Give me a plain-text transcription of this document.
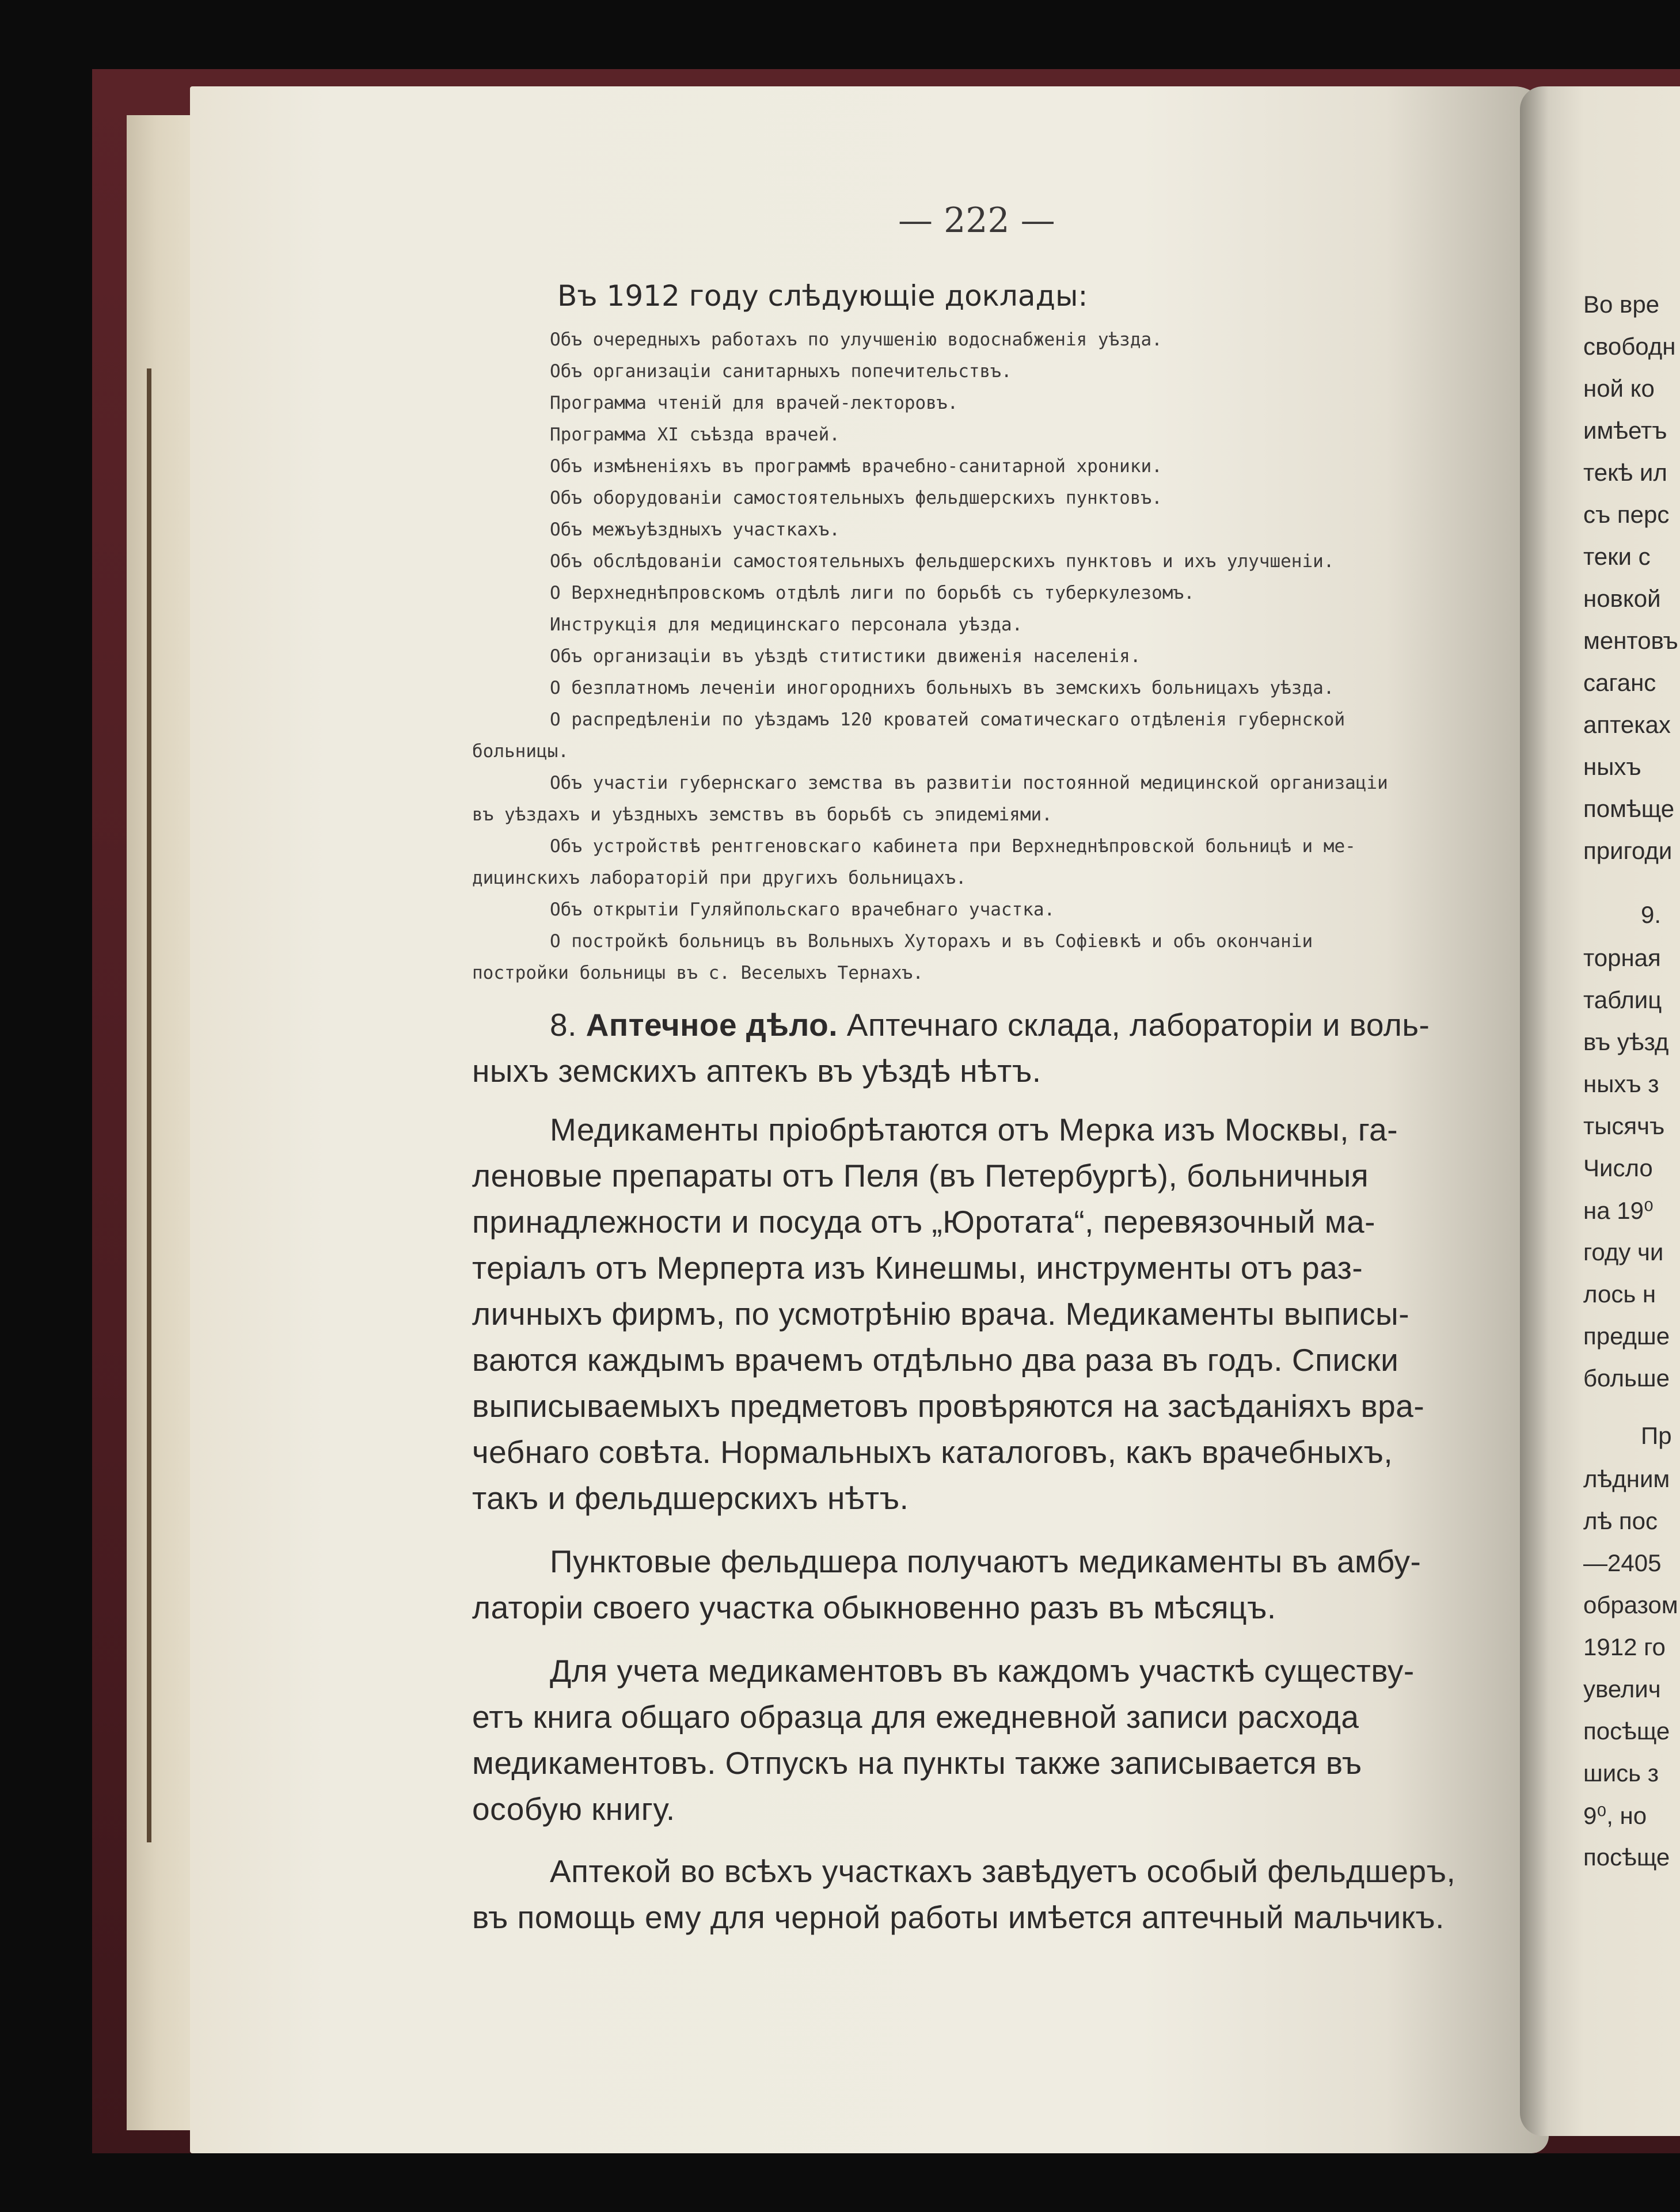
— 222 —
Въ 1912 году слѣдующіе доклады:
Объ очередныхъ работахъ по улучшенію водоснабженія уѣзда.
Объ организаціи санитарныхъ попечительствъ.
Программа чтеній для врачей-лекторовъ.
Программа XI съѣзда врачей.
Объ измѣненіяхъ въ программѣ врачебно-санитарной хроники.
Объ оборудованіи самостоятельныхъ фельдшерскихъ пунктовъ.
Объ межъуѣздныхъ участкахъ.
Объ обслѣдованіи самостоятельныхъ фельдшерскихъ пунктовъ и ихъ улучшеніи.
О Верхнеднѣпровскомъ отдѣлѣ лиги по борьбѣ съ туберкулезомъ.
Инструкція для медицинскаго персонала уѣзда.
Объ организаціи въ уѣздѣ ститистики движенія населенія.
О безплатномъ леченіи иногороднихъ больныхъ въ земскихъ больницахъ уѣзда.
О распредѣленіи по уѣздамъ 120 кроватей соматическаго отдѣленія губернской
больницы.
Объ участіи губернскаго земства въ развитіи постоянной медицинской организаціи
въ уѣздахъ и уѣздныхъ земствъ въ борьбѣ съ эпидеміями.
Объ устройствѣ рентгеновскаго кабинета при Верхнеднѣпровской больницѣ и ме-
дицинскихъ лабораторій при другихъ больницахъ.
Объ открытіи Гуляйпольскаго врачебнаго участка.
О постройкѣ больницъ въ Вольныхъ Хуторахъ и въ Софіевкѣ и объ окончаніи
постройки больницы въ с. Веселыхъ Тернахъ.
8. Аптечное дѣло. Аптечнаго склада, лабораторіи и воль-
ныхъ земскихъ аптекъ въ уѣздѣ нѣтъ.
Медикаменты пріобрѣтаются отъ Мерка изъ Москвы, га-
леновые препараты отъ Пеля (въ Петербургѣ), больничныя
принадлежности и посуда отъ „Юротата“, перевязочный ма-
теріалъ отъ Мерперта изъ Кинешмы, инструменты отъ раз-
личныхъ фирмъ, по усмотрѣнію врача. Медикаменты выписы-
ваются каждымъ врачемъ отдѣльно два раза въ годъ. Списки
выписываемыхъ предметовъ провѣряются на засѣданіяхъ вра-
чебнаго совѣта. Нормальныхъ каталоговъ, какъ врачебныхъ,
такъ и фельдшерскихъ нѣтъ.
Пунктовые фельдшера получаютъ медикаменты въ амбу-
латоріи своего участка обыкновенно разъ въ мѣсяцъ.
Для учета медикаментовъ въ каждомъ участкѣ существу-
етъ книга общаго образца для ежедневной записи расхода
медикаментовъ. Отпускъ на пункты также записывается въ
особую книгу.
Аптекой во всѣхъ участкахъ завѣдуетъ особый фельдшеръ,
въ помощь ему для черной работы имѣется аптечный мальчикъ.
Во вре
свободн
ной ко
имѣетъ
текѣ ил
съ перс
теки с
новкой
ментовъ
саганс
аптеках
ныхъ
помѣще
пригоди
9.
торная
таблиц
въ уѣзд
ныхъ з
тысячъ
Число
на 19⁰
году чи
лось н
предше
больше
Пр
лѣдним
лѣ пос
—2405
образом
1912 го
увелич
посѣще
шись з
9⁰, но
посѣще
